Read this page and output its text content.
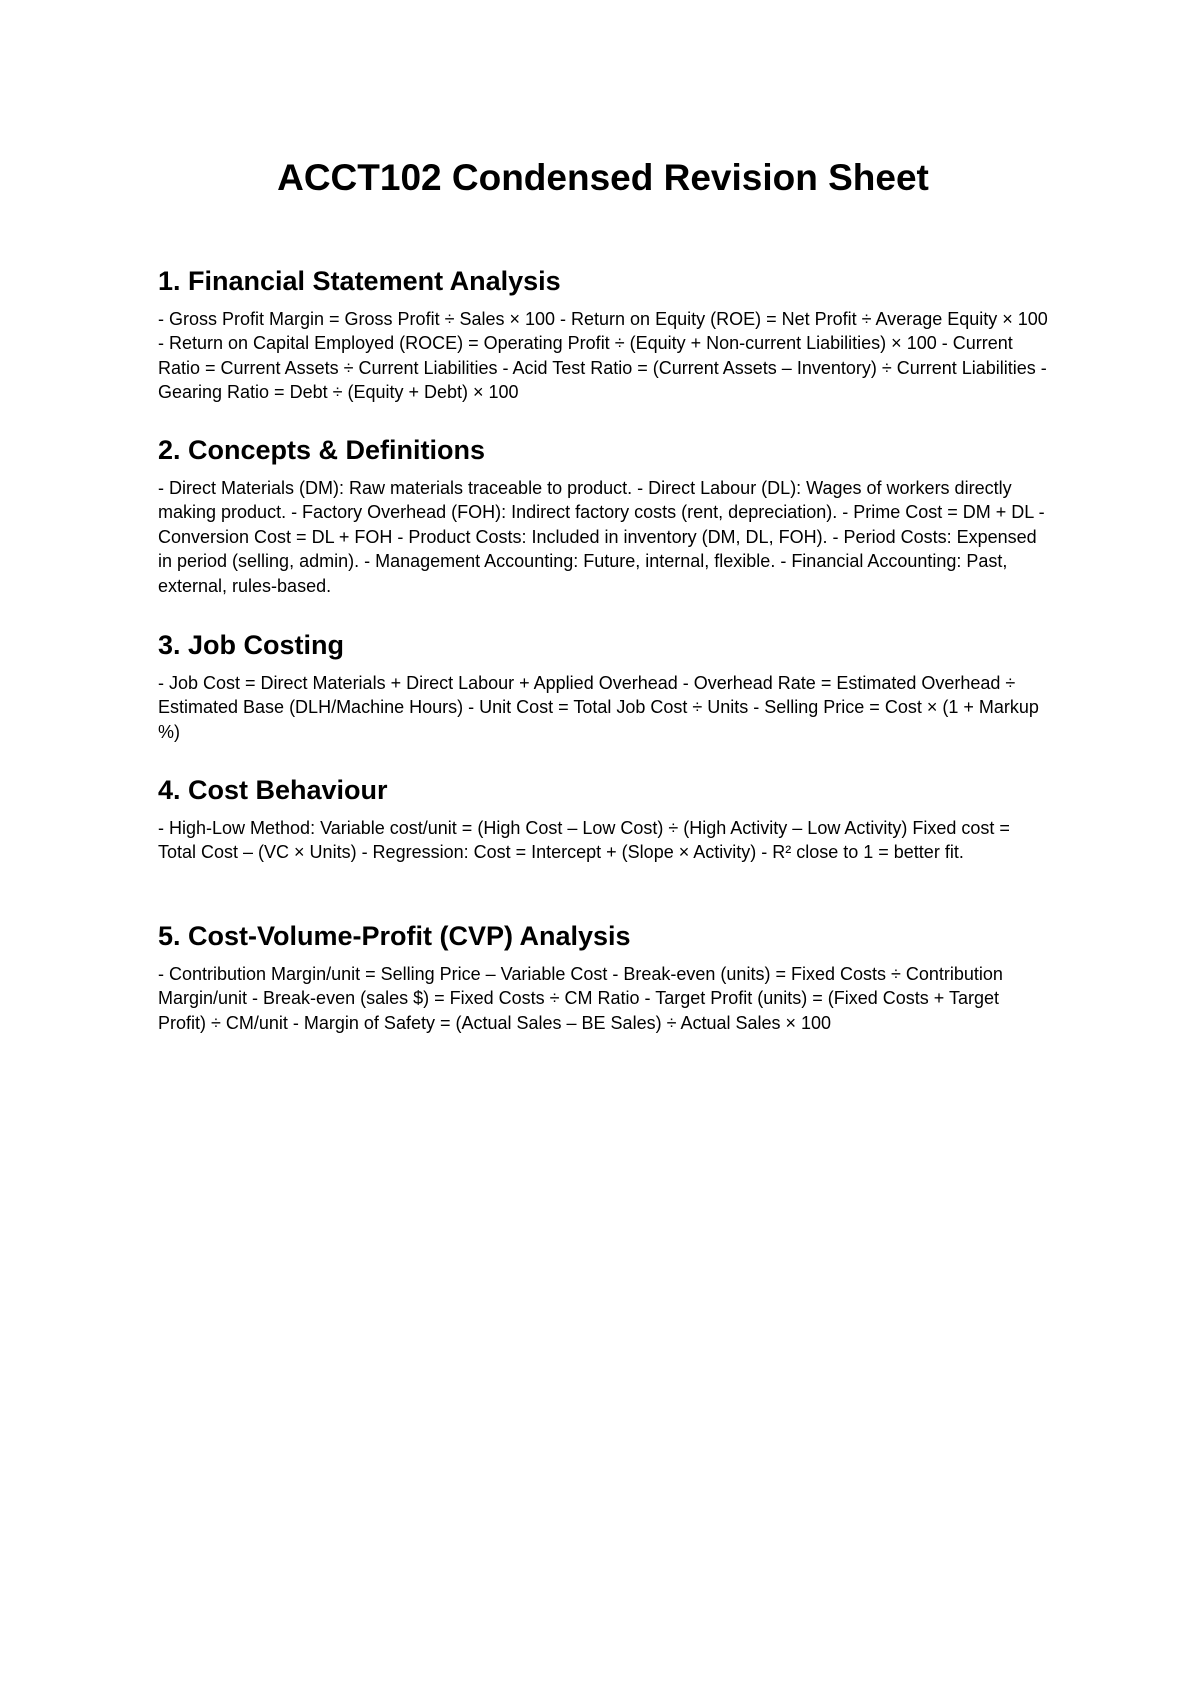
ACCT102 Condensed Revision Sheet
1. Financial Statement Analysis

- Gross Profit Margin = Gross Profit ÷ Sales × 100 - Return on Equity (ROE) = Net Profit ÷ Average Equity × 100 - Return on Capital Employed (ROCE) = Operating Profit ÷ (Equity + Non-current Liabilities) × 100 - Current Ratio = Current Assets ÷ Current Liabilities - Acid Test Ratio = (Current Assets – Inventory) ÷ Current Liabilities - Gearing Ratio = Debt ÷ (Equity + Debt) × 100

2. Concepts & Definitions

- Direct Materials (DM): Raw materials traceable to product. - Direct Labour (DL): Wages of workers directly making product. - Factory Overhead (FOH): Indirect factory costs (rent, depreciation). - Prime Cost = DM + DL - Conversion Cost = DL + FOH - Product Costs: Included in inventory (DM, DL, FOH). - Period Costs: Expensed in period (selling, admin). - Management Accounting: Future, internal, flexible. - Financial Accounting: Past, external, rules-based.

3. Job Costing

- Job Cost = Direct Materials + Direct Labour + Applied Overhead - Overhead Rate = Estimated Overhead ÷ Estimated Base (DLH/Machine Hours) - Unit Cost = Total Job Cost ÷ Units - Selling Price = Cost × (1 + Markup %)

4. Cost Behaviour

- High-Low Method: Variable cost/unit = (High Cost – Low Cost) ÷ (High Activity – Low Activity) Fixed cost = Total Cost – (VC × Units) - Regression: Cost = Intercept + (Slope × Activity) - R² close to 1 = better fit.

5. Cost-Volume-Profit (CVP) Analysis

- Contribution Margin/unit = Selling Price – Variable Cost - Break-even (units) = Fixed Costs ÷ Contribution Margin/unit - Break-even (sales $) = Fixed Costs ÷ CM Ratio - Target Profit (units) = (Fixed Costs + Target Profit) ÷ CM/unit - Margin of Safety = (Actual Sales – BE Sales) ÷ Actual Sales × 100
